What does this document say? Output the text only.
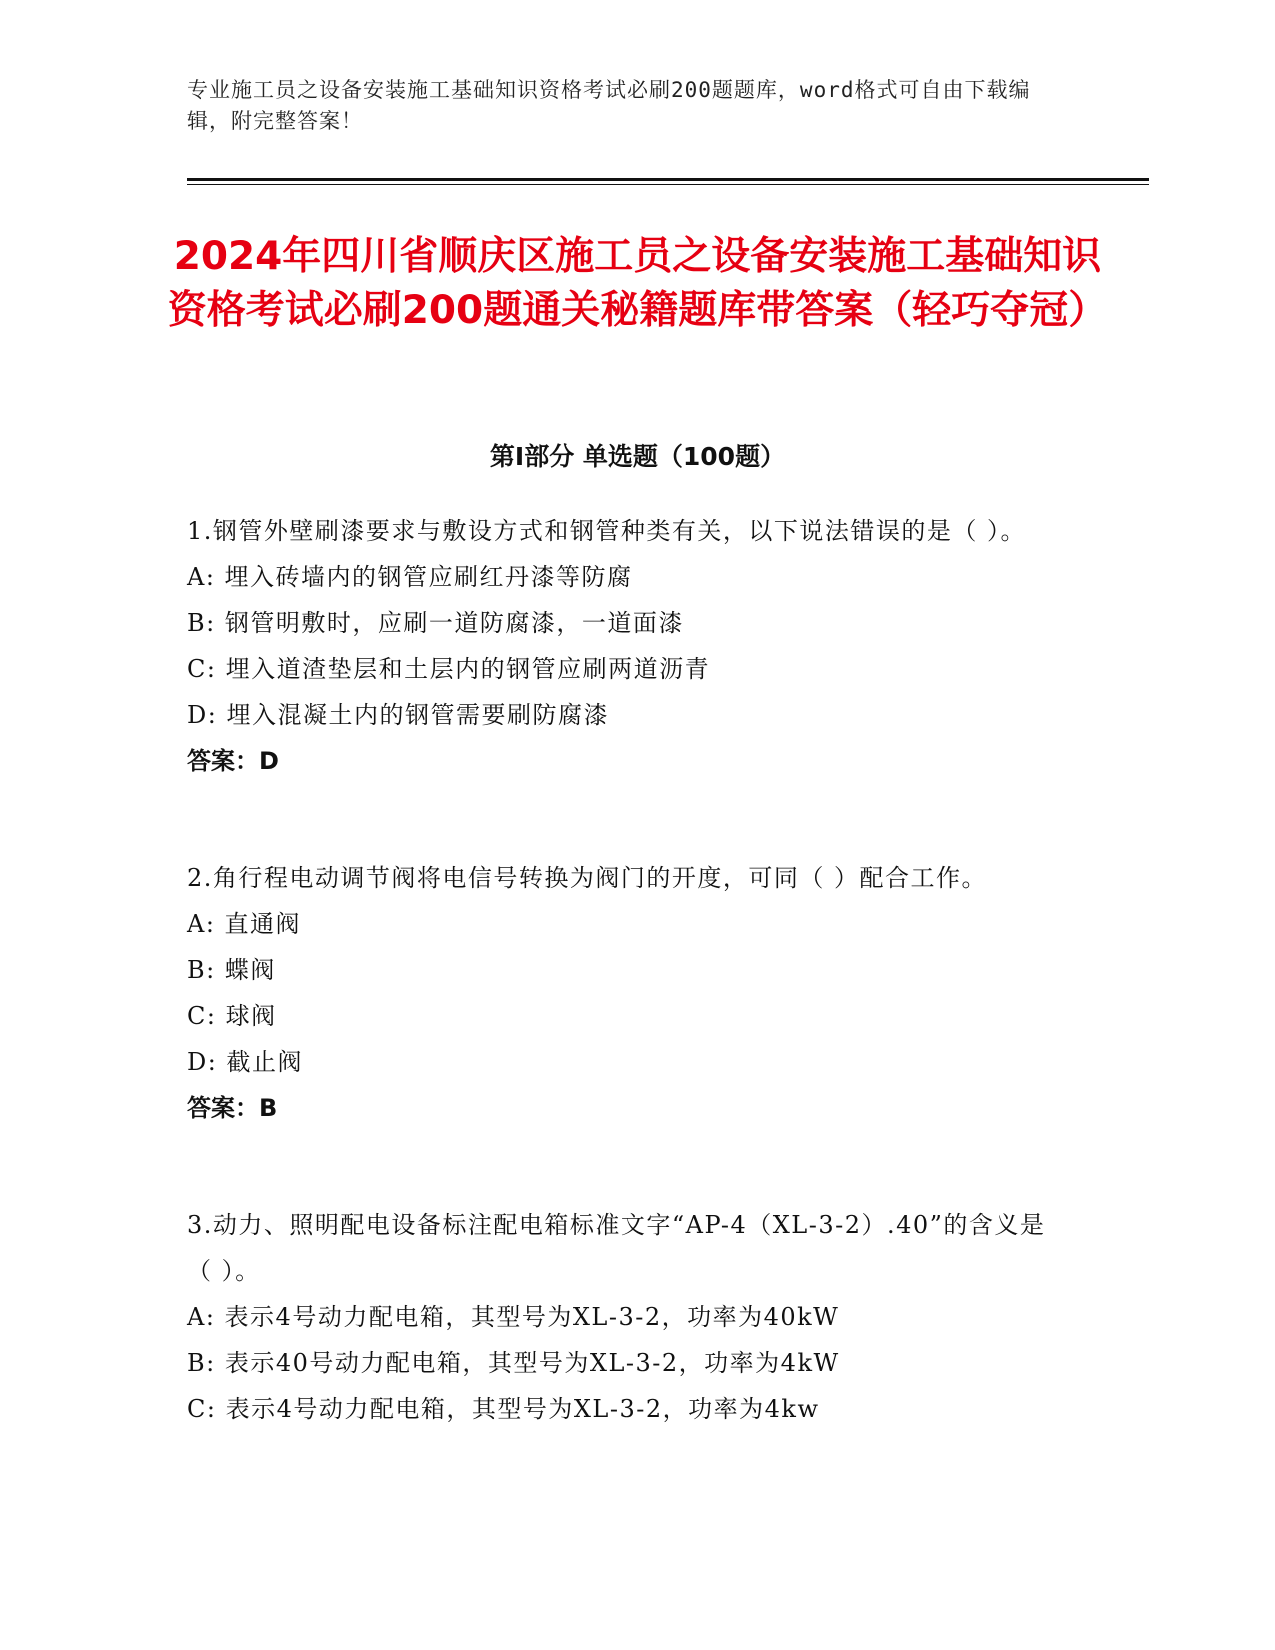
专业施工员之设备安装施工基础知识资格考试必刷200题题库，word格式可自由下载编辑，附完整答案！
2024年四川省顺庆区施工员之设备安装施工基础知识资格考试必刷200题通关秘籍题库带答案（轻巧夺冠）
第I部分 单选题（100题）

1.钢管外壁刷漆要求与敷设方式和钢管种类有关，以下说法错误的是（ ）。

A: 埋入砖墙内的钢管应刷红丹漆等防腐

B: 钢管明敷时，应刷一道防腐漆，一道面漆

C: 埋入道渣垫层和土层内的钢管应刷两道沥青

D: 埋入混凝土内的钢管需要刷防腐漆

答案：D

2.角行程电动调节阀将电信号转换为阀门的开度，可同（ ）配合工作。

A: 直通阀

B: 蝶阀

C: 球阀

D: 截止阀

答案：B

3.动力、照明配电设备标注配电箱标准文字“AP-4（XL-3-2）.40”的含义是（ ）。

A: 表示4号动力配电箱，其型号为XL-3-2，功率为40kW

B: 表示40号动力配电箱，其型号为XL-3-2，功率为4kW

C: 表示4号动力配电箱，其型号为XL-3-2，功率为4kw
